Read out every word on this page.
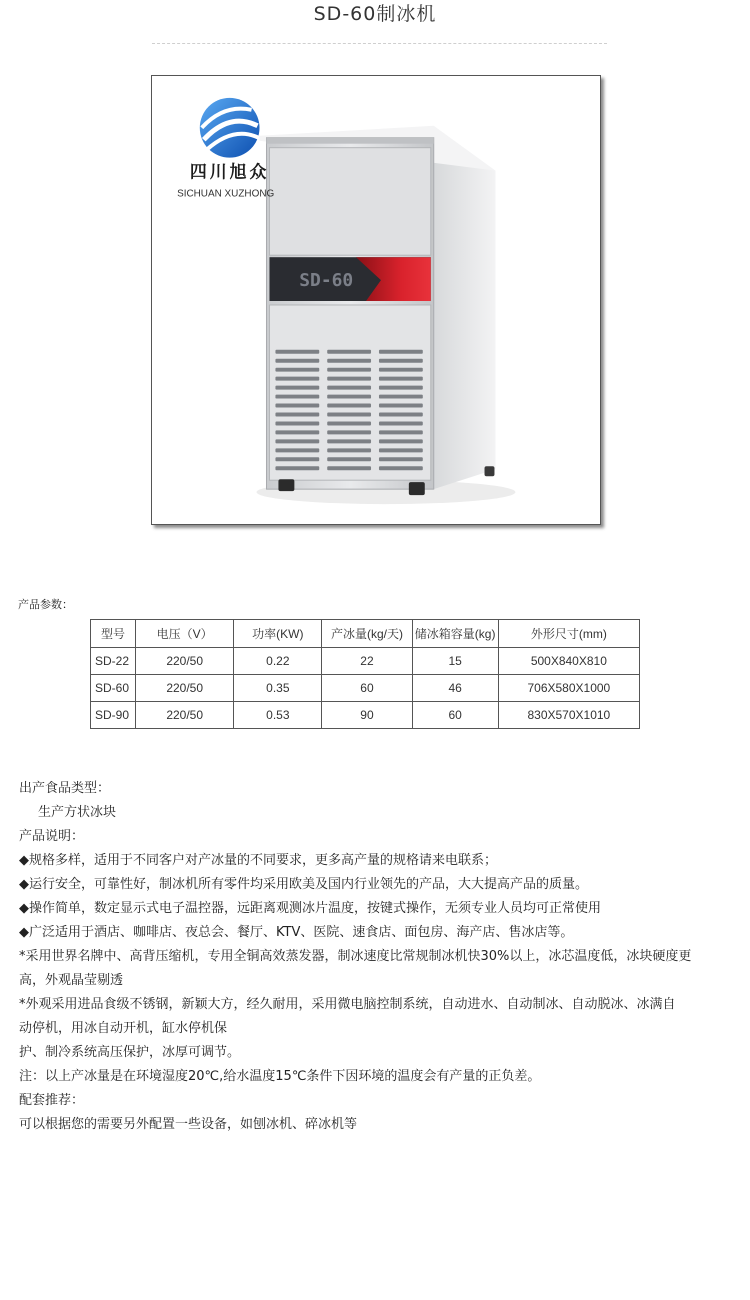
SD-60制冰机
SD-60
四川旭众
SICHUAN XUZHONG
产品参数：
型号	电压（V）	功率(KW)	产冰量(kg/天)	储冰箱容量(kg)	外形尺寸(mm)
SD-22	220/50	0.22	22	15	500X840X810
SD-60	220/50	0.35	60	46	706X580X1000
SD-90	220/50	0.53	90	60	830X570X1010

出产食品类型：

生产方状冰块

产品说明：

◆规格多样，适用于不同客户对产冰量的不同要求，更多高产量的规格请来电联系；

◆运行安全，可靠性好，制冰机所有零件均采用欧美及国内行业领先的产品，大大提高产品的质量。

◆操作简单，数定显示式电子温控器，远距离观测冰片温度，按键式操作，无须专业人员均可正常使用

◆广泛适用于酒店、咖啡店、夜总会、餐厅、KTV、医院、速食店、面包房、海产店、售冰店等。

*采用世界名牌中、高背压缩机，专用全铜高效蒸发器，制冰速度比常规制冰机快30%以上，冰芯温度低，冰块硬度更

高，外观晶莹剔透

*外观采用进品食级不锈钢，新颖大方，经久耐用，采用微电脑控制系统，自动进水、自动制冰、自动脱冰、冰满自

动停机，用冰自动开机，缸水停机保

护、制冷系统高压保护，冰厚可调节。

注：以上产冰量是在环境湿度20℃,给水温度15℃条件下因环境的温度会有产量的正负差。

配套推荐：

可以根据您的需要另外配置一些设备，如刨冰机、碎冰机等
